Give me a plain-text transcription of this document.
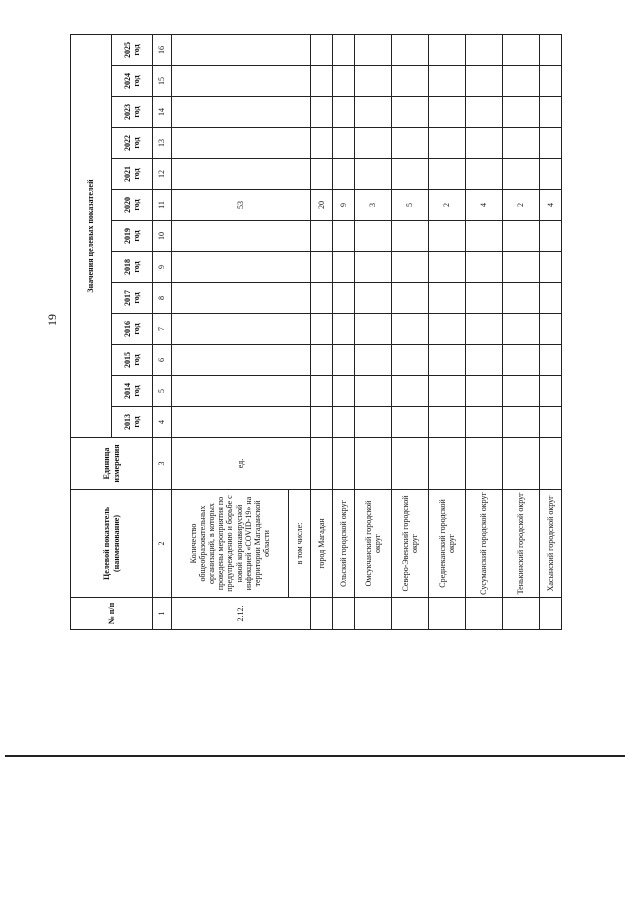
19
№ п/п	Целевой показатель (наименование)	Единица измерения	Значения целевых показателей												
			2013 год	2014 год	2015 год	2016 год	2017 год	2018 год	2019 год	2020 год	2021 год	2022 год	2023 год	2024 год	2025 год
1	2	3	4	5	6	7	8	9	10	11	12	13	14	15	16
2.12.	Количество общеобразовательных организаций, в которых проведены мероприятия по предупреждению и борьбе с новой коронавирусной инфекцией «COVID-19» на территории Магаданской области	ед.								53					
	в том числе:														
	город Магадан									20					
	Ольский городской округ									9					
	Омсукчанский городской округ									3					
	Северо-Эвенский городской округ									5					
	Среднеканский городской округ									2					
	Сусуманский городской округ									4					
	Тенькинский городской округ									2					
	Хасынский городской округ									4					
